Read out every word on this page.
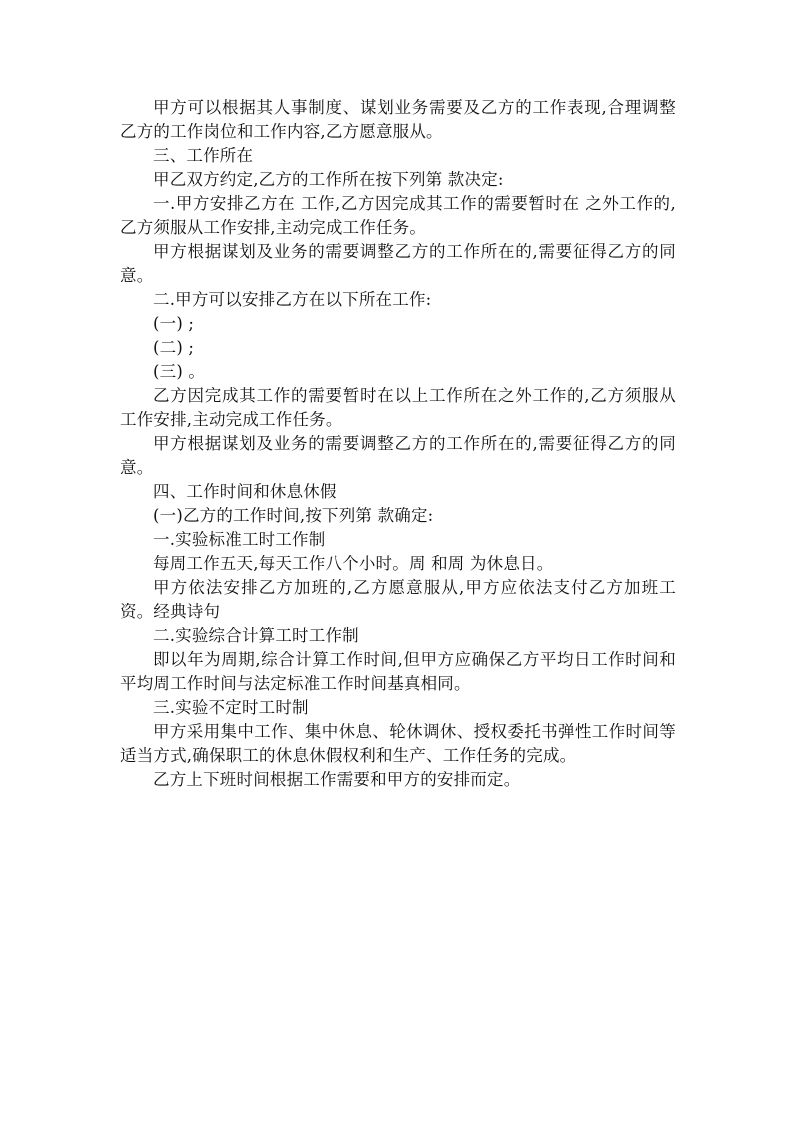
甲方可以根据其人事制度、谋划业务需要及乙方的工作表现,合理调整乙方的工作岗位和工作内容,乙方愿意服从。

三、工作所在

甲乙双方约定,乙方的工作所在按下列第 款决定:

一.甲方安排乙方在 工作,乙方因完成其工作的需要暂时在 之外工作的,乙方须服从工作安排,主动完成工作任务。

甲方根据谋划及业务的需要调整乙方的工作所在的,需要征得乙方的同意。

二.甲方可以安排乙方在以下所在工作:

(一) ;

(二) ;

(三) 。

乙方因完成其工作的需要暂时在以上工作所在之外工作的,乙方须服从工作安排,主动完成工作任务。

甲方根据谋划及业务的需要调整乙方的工作所在的,需要征得乙方的同意。

四、工作时间和休息休假

(一)乙方的工作时间,按下列第 款确定:

一.实验标准工时工作制

每周工作五天,每天工作八个小时。周 和周 为休息日。

甲方依法安排乙方加班的,乙方愿意服从,甲方应依法支付乙方加班工资。经典诗句

二.实验综合计算工时工作制

即以年为周期,综合计算工作时间,但甲方应确保乙方平均日工作时间和平均周工作时间与法定标准工作时间基真相同。

三.实验不定时工时制

甲方采用集中工作、集中休息、轮休调休、授权委托书弹性工作时间等适当方式,确保职工的休息休假权利和生产、工作任务的完成。

乙方上下班时间根据工作需要和甲方的安排而定。
